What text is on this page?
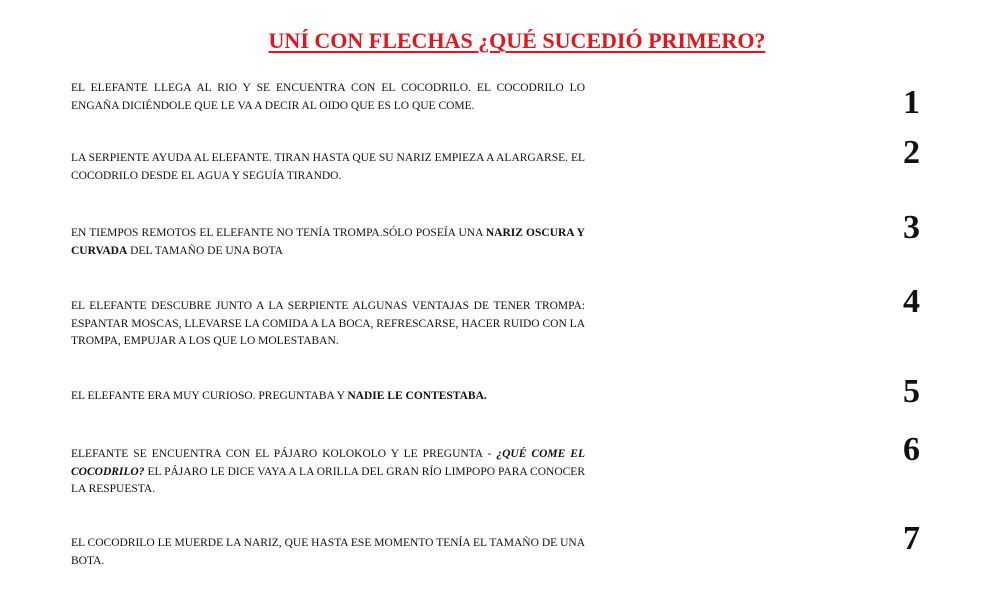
UNÍ CON FLECHAS ¿QUÉ SUCEDIÓ PRIMERO?

EL ELEFANTE LLEGA AL RIO Y SE ENCUENTRA CON EL COCODRILO. EL COCODRILO LO ENGAÑA DICIÉNDOLE QUE LE VA A DECIR AL OIDO QUE ES LO QUE COME.

LA SERPIENTE AYUDA AL ELEFANTE. TIRAN HASTA QUE SU NARIZ EMPIEZA A ALARGARSE. EL COCODRILO DESDE EL AGUA Y SEGUÍA TIRANDO.

EN TIEMPOS REMOTOS EL ELEFANTE NO TENÍA TROMPA.SÓLO POSEÍA UNA NARIZ OSCURA Y CURVADA DEL TAMAÑO DE UNA BOTA

EL ELEFANTE DESCUBRE JUNTO A LA SERPIENTE ALGUNAS VENTAJAS DE TENER TROMPA: ESPANTAR MOSCAS, LLEVARSE LA COMIDA A LA BOCA, REFRESCARSE, HACER RUIDO CON LA TROMPA, EMPUJAR A LOS QUE LO MOLESTABAN.

EL ELEFANTE ERA MUY CURIOSO. PREGUNTABA Y NADIE LE CONTESTABA.

ELEFANTE SE ENCUENTRA CON EL PÁJARO KOLOKOLO Y LE PREGUNTA - ¿QUÉ COME EL COCODRILO? EL PÁJARO LE DICE VAYA A LA ORILLA DEL GRAN RÍO LIMPOPO PARA CONOCER LA RESPUESTA.

EL COCODRILO LE MUERDE LA NARIZ, QUE HASTA ESE MOMENTO TENÍA EL TAMAÑO DE UNA BOTA.

1
2
3
4
5
6
7
